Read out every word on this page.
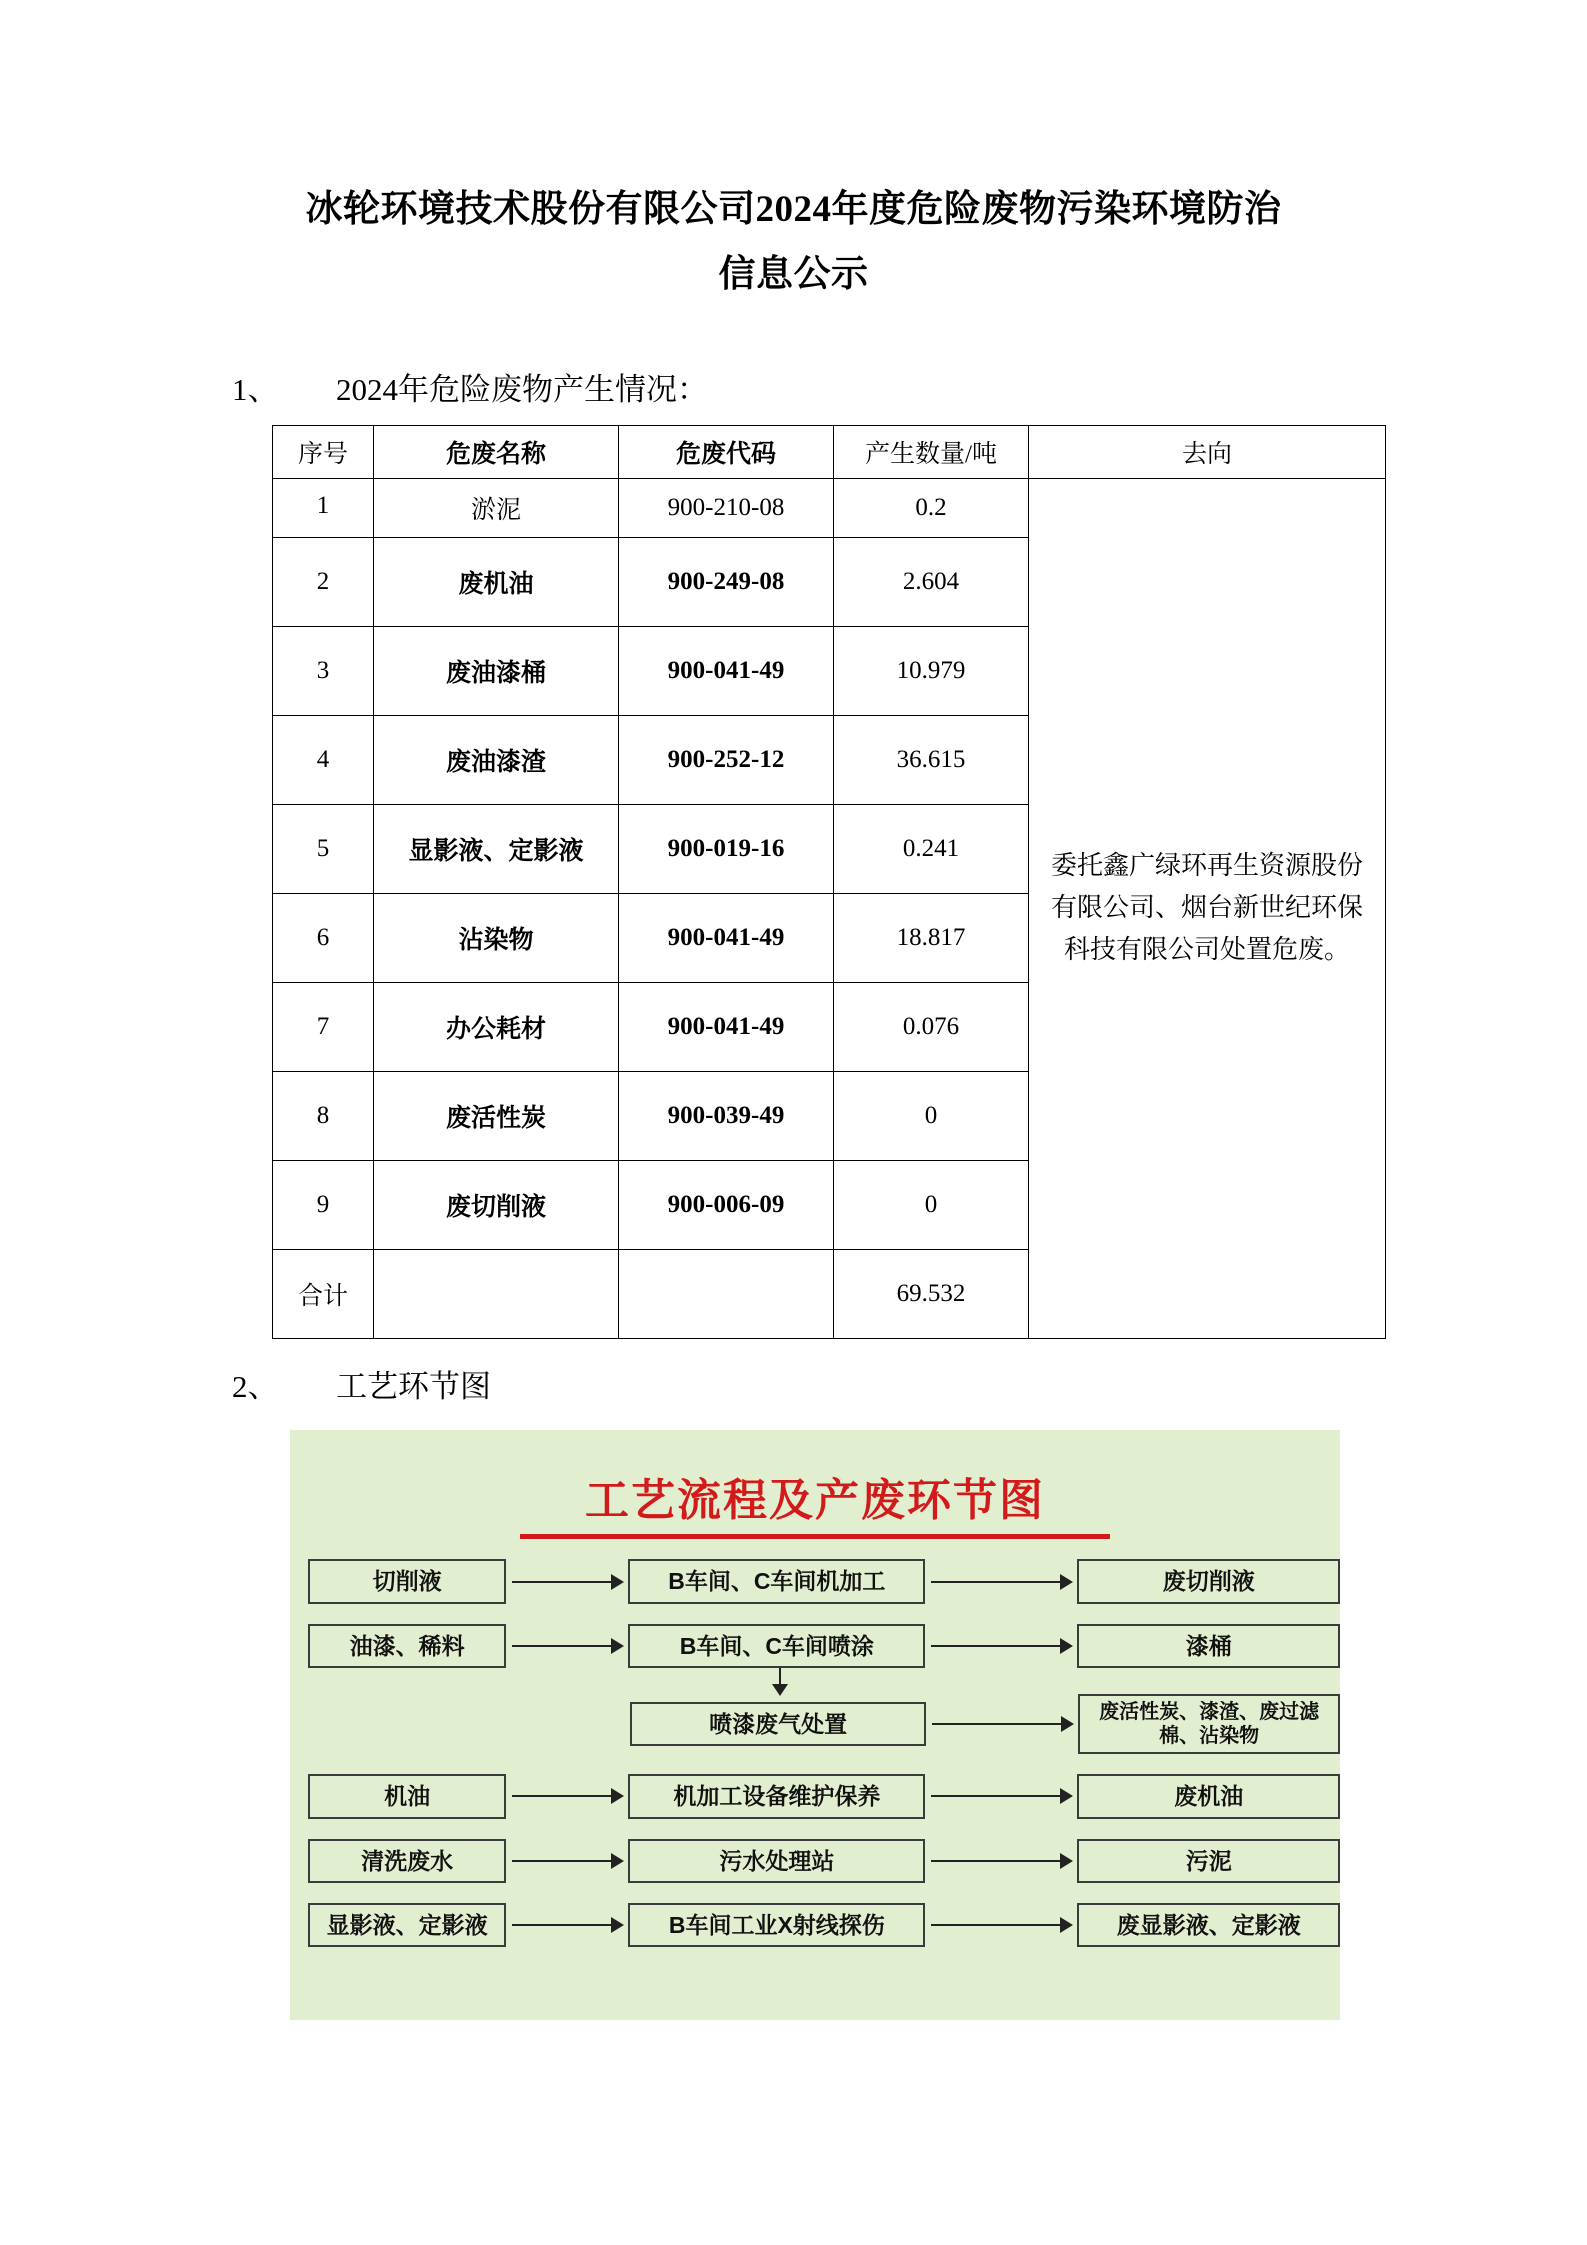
冰轮环境技术股份有限公司2024年度危险废物污染环境防治
信息公示
1、 2024年危险废物产生情况：
序号	危废名称	危废代码	产生数量/吨	去向
1	淤泥	900-210-08	0.2	委托鑫广绿环再生资源股份有限公司、烟台新世纪环保科技有限公司处置危废。

2	废机油	900-249-08	2.604	
3	废油漆桶	900-041-49	10.979	
4	废油漆渣	900-252-12	36.615	
5	显影液、定影液	900-019-16	0.241	
6	沾染物	900-041-49	18.817	
7	办公耗材	900-041-49	0.076	
8	废活性炭	900-039-49	0	
9	废切削液	900-006-09	0	
合计			69.532	
2、 工艺环节图
工艺流程及产废环节图
切削液	B车间、C车间机加工	废切削液
油漆、稀料	B车间、C车间喷涂	漆桶
喷漆废气处置	废活性炭、漆渣、废过滤棉、沾染物
机油	机加工设备维护保养	废机油
清洗废水	污水处理站	污泥
显影液、定影液	B车间工业X射线探伤	废显影液、定影液
